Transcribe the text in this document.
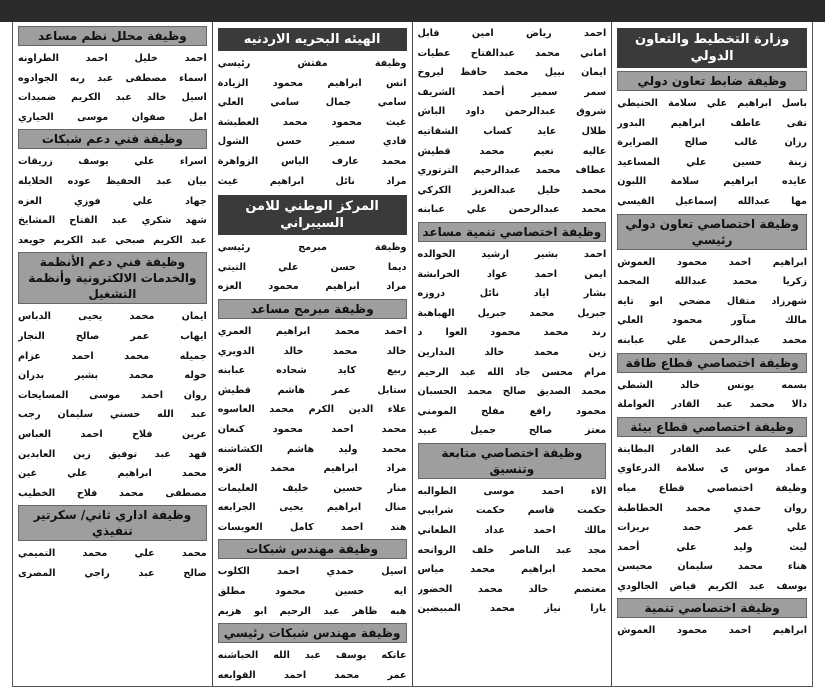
وزارة التخطيط والتعاون الدولي
وظيفة ضابط تعاون دولي
باسل ابراهيم علي سلامة الحنيطي
تقى عاطف ابراهيم البدور
رزان غالب صالح الصرايرة
زينة حسين علي المساعيد
عايده ابراهيم سلامة اللبون
مها عبدالله إسماعيل القيسي
وظيفة اختصاصي تعاون دولي رئيسي
ابراهيم احمد محمود العموش
زكريا محمد عبدالله المحمد
شهرزاد متقال مضحي ابو تايه
مالك منآور محمود العلي
محمد عبدالرحمن علي عبابنه
وظيفة اختصاصي قطاع طاقة
بسمه يونس خالد الشطي
دالا محمد عبد القادر العواملة
وظيفة اختصاصي قطاع بيئة
أحمد علي عبد القادر البطاينة
عماد موس ى سلامة الدرعاوي
وظيفة اختصاصي قطاع مياه
روان حمدي محمد الخطاطبة
علي عمر حمد بريزات
ليث وليد علي أحمد
هناء محمد سليمان محيسن
يوسف عبد الكريم فياض الجالودي
وظيفة اختصاصي تنمية
ابراهيم احمد محمود العموش
احمد رياض امين قابل
اماني محمد عبدالفتاح عطيات
ايمان نبيل محمد حافظ ليروخ
سمر سمير أحمد الشريف
شروق عبدالرحمن داود الباش
طلال عايد كساب الشقاتيه
عاليه تعيم محمد قطيش
عطاف محمد عبدالرحيم الترتوري
محمد خليل عبدالعزيز الكركي
محمد عبدالرحمن علي عبابنه
وظيفة اختصاصي تنمية مساعد
احمد بشير ارشيد الخوالده
ايمن احمد عواد الخرابشة
بشار اياد نائل دروزه
جبريل محمد جبريل الهباهبة
رند محمد محمود العوا د
زين محمد خالد البدارين
مرام محسن جاد الله عبد الرحيم
محمد الصديق صالح محمد الحسبان
محمود رافع مفلح المومني
معتز صالح جميل عبيد
وظيفة اختصاصي متابعة وتنسيق
الاء احمد موسى الطوالبه
حكمت قاسم حكمت شرايبي
مالك احمد عداد الطعاني
مجد عبد الناصر خلف الروانحه
محمد ابراهيم محمد مياس
معتصم خالد محمد الخضور
يارا نياز محمد المبيضين
الهيئه البحريه الاردنيه
وظيفة مفتش رئيسي
انس ابراهيم محمود الزيادة
سامي جمال سامي العلي
غيث محمود محمد العطيشة
فادي سمير حسن الشول
محمد عارف الياس الزواهرة
مراد نائل ابراهيم غيث
المركز الوطني للامن السيبراني
وظيفة مبرمج رئيسي
ديما حسن علي التيتي
مراد ابراهيم محمود العزه
وظيفة مبرمج مساعد
احمد محمد ابراهيم العمري
خالد محمد خالد الدويري
ربيع كايد شحاده عبابنه
ستابل عمر هاشم قطيش
علاء الدين الكرم محمد العاسوه
محمد احمد محمود كنعان
محمد وليد هاشم الكشاشنه
مراد ابراهيم محمد العزه
منار حسين خليف العليمات
منال ابراهيم يحيى الجرابعه
هند احمد كامل العويسات
وظيفة مهندس شبكات
اسيل حمدي احمد الكلوب
ايه حسين محمود مطلق
هبه ظاهر عبد الرحيم ابو هزيم
وظيفة مهندس شبكات رئيسي
عاتكه يوسف عبد الله الحباشنه
عمر محمد احمد القوابعه
وظيفة محلل نظم مساعد
احمد خليل احمد الطراونه
اسماء مصطفى عبد ربه الجوادوه
اسيل خالد عبد الكريم ضميدات
امل صفوان موسى الحياري
وظيفة فني دعم شبكات
اسراء علي يوسف زريقات
بيان عبد الحفيظ عوده الخلايله
جهاد علي فوزي العزه
شهد شكري عبد الفتاح المشايخ
عبد الكريم صبحي عبد الكريم جويعد
وظيفة فني دعم الأنظمة والخدمات الالكترونية وأنظمة التشغيل
ايمان محمد يحيى الدباس
ايهاب عمر صالح النجار
جميله محمد احمد عزام
خوله محمد بشير بدران
روان احمد موسى المسايحات
عبد الله حسني سليمان رجب
عرين فلاح احمد العباس
فهد عبد توفيق زين العابدين
محمد ابراهيم علي غين
مصطفى محمد فلاح الخطيب
وظيفة اداري ثاني/ سكرتير تنفيذي
محمد علي محمد التميمي
صالح عبد راجي المصرى
